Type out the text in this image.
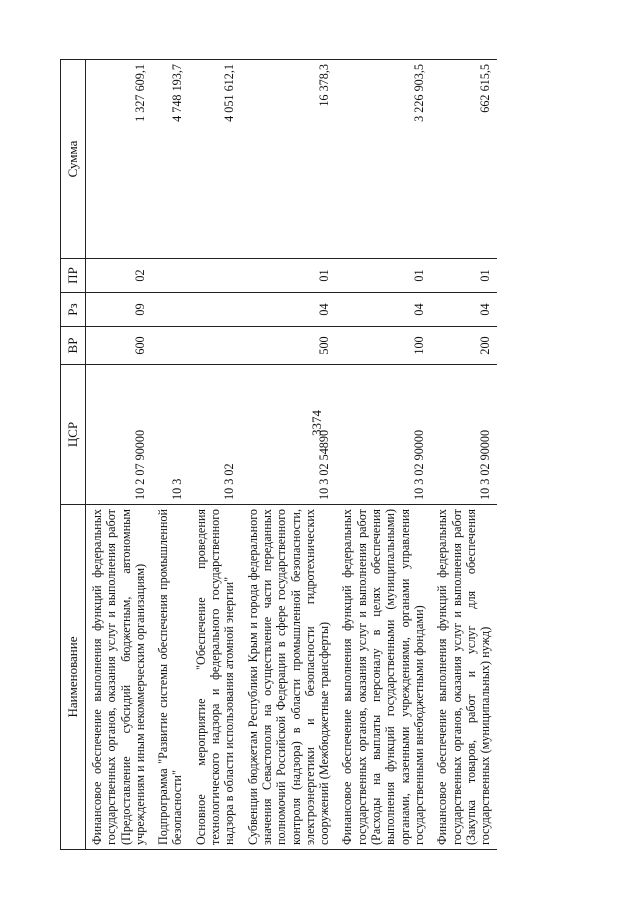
3374
Наименование	ЦСР	ВР	Рз	ПР	Сумма
Финансовое обеспечение выполнения функций федеральных государственных органов, оказания услуг и выполнения работ (Предоставление субсидий бюджетным, автономным учреждениям и иным некоммерческим организациям)	10 2 07 90000	600	09	02	1 327 609,1
Подпрограмма "Развитие системы обеспечения промышленной безопасности"	10 3				4 748 193,7
Основное мероприятие "Обеспечение проведения технологического надзора и федерального государственного надзора в области использования атомной энергии"	10 3 02				4 051 612,1
Субвенции бюджетам Республики Крым и города федерального значения Севастополя на осуществление части переданных полномочий Российской Федерации в сфере государственного контроля (надзора) в области промышленной безопасности, электроэнергетики и безопасности гидротехнических сооружений (Межбюджетные трансферты)	10 3 02 54890	500	04	01	16 378,3
Финансовое обеспечение выполнения функций федеральных государственных органов, оказания услуг и выполнения работ (Расходы на выплаты персоналу в целях обеспечения выполнения функций государственными (муниципальными) органами, казенными учреждениями, органами управления государственными внебюджетными фондами)	10 3 02 90000	100	04	01	3 226 903,5
Финансовое обеспечение выполнения функций федеральных государственных органов, оказания услуг и выполнения работ (Закупка товаров, работ и услуг для обеспечения государственных (муниципальных) нужд)	10 3 02 90000	200	04	01	662 615,5
